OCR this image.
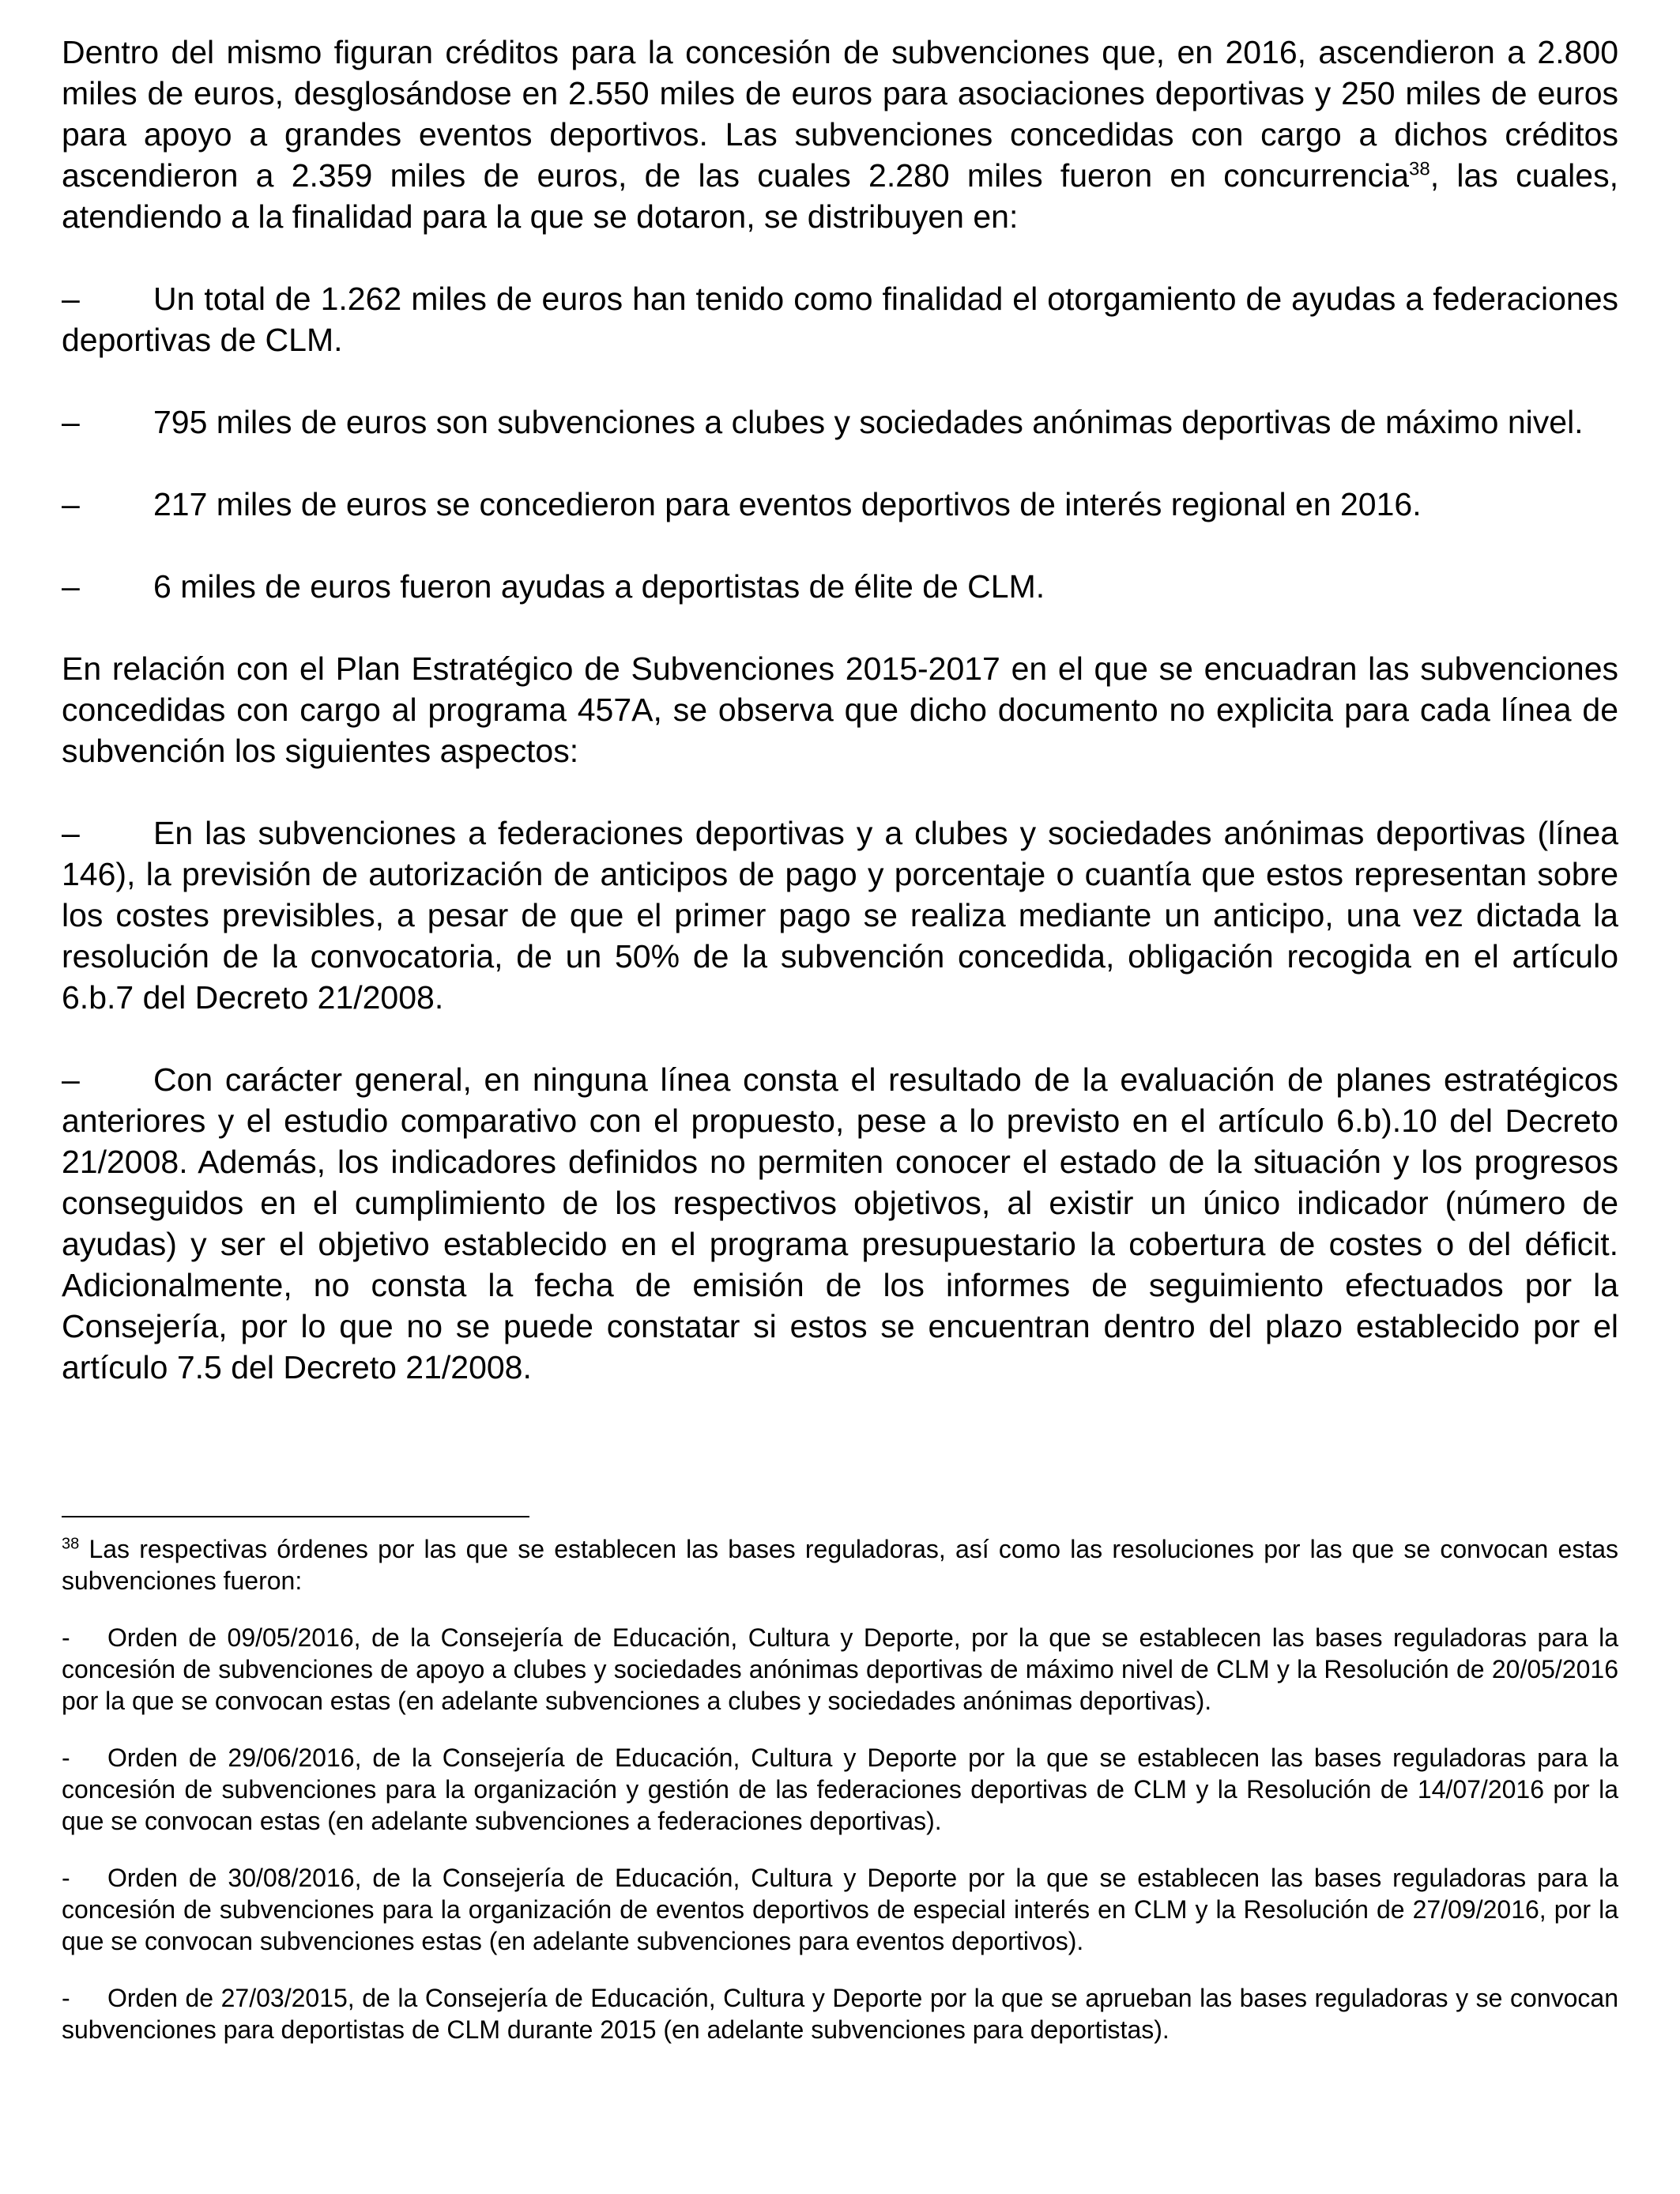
Dentro del mismo figuran créditos para la concesión de subvenciones que, en 2016, ascendieron a 2.800 miles de euros, desglosándose en 2.550 miles de euros para asociaciones deportivas y 250 miles de euros para apoyo a grandes eventos deportivos. Las subvenciones concedidas con cargo a dichos créditos ascendieron a 2.359 miles de euros, de las cuales 2.280 miles fueron en concurrencia$^{38}$, las cuales, atendiendo a la finalidad para la que se dotaron, se distribuyen en:

– Un total de 1.262 miles de euros han tenido como finalidad el otorgamiento de ayudas a federaciones deportivas de CLM.

– 795 miles de euros son subvenciones a clubes y sociedades anónimas deportivas de máximo nivel.

– 217 miles de euros se concedieron para eventos deportivos de interés regional en 2016.

– 6 miles de euros fueron ayudas a deportistas de élite de CLM.

En relación con el Plan Estratégico de Subvenciones 2015-2017 en el que se encuadran las subvenciones concedidas con cargo al programa 457A, se observa que dicho documento no explicita para cada línea de subvención los siguientes aspectos:

– En las subvenciones a federaciones deportivas y a clubes y sociedades anónimas deportivas (línea 146), la previsión de autorización de anticipos de pago y porcentaje o cuantía que estos representan sobre los costes previsibles, a pesar de que el primer pago se realiza mediante un anticipo, una vez dictada la resolución de la convocatoria, de un 50% de la subvención concedida, obligación recogida en el artículo 6.b.7 del Decreto 21/2008.

– Con carácter general, en ninguna línea consta el resultado de la evaluación de planes estratégicos anteriores y el estudio comparativo con el propuesto, pese a lo previsto en el artículo 6.b).10 del Decreto 21/2008. Además, los indicadores definidos no permiten conocer el estado de la situación y los progresos conseguidos en el cumplimiento de los respectivos objetivos, al existir un único indicador (número de ayudas) y ser el objetivo establecido en el programa presupuestario la cobertura de costes o del déficit. Adicionalmente, no consta la fecha de emisión de los informes de seguimiento efectuados por la Consejería, por lo que no se puede constatar si estos se encuentran dentro del plazo establecido por el artículo 7.5 del Decreto 21/2008.

$^{38}$ Las respectivas órdenes por las que se establecen las bases reguladoras, así como las resoluciones por las que se convocan estas subvenciones fueron:

- Orden de 09/05/2016, de la Consejería de Educación, Cultura y Deporte, por la que se establecen las bases reguladoras para la concesión de subvenciones de apoyo a clubes y sociedades anónimas deportivas de máximo nivel de CLM y la Resolución de 20/05/2016 por la que se convocan estas (en adelante subvenciones a clubes y sociedades anónimas deportivas).

- Orden de 29/06/2016, de la Consejería de Educación, Cultura y Deporte por la que se establecen las bases reguladoras para la concesión de subvenciones para la organización y gestión de las federaciones deportivas de CLM y la Resolución de 14/07/2016 por la que se convocan estas (en adelante subvenciones a federaciones deportivas).

- Orden de 30/08/2016, de la Consejería de Educación, Cultura y Deporte por la que se establecen las bases reguladoras para la concesión de subvenciones para la organización de eventos deportivos de especial interés en CLM y la Resolución de 27/09/2016, por la que se convocan subvenciones estas (en adelante subvenciones para eventos deportivos).

- Orden de 27/03/2015, de la Consejería de Educación, Cultura y Deporte por la que se aprueban las bases reguladoras y se convocan subvenciones para deportistas de CLM durante 2015 (en adelante subvenciones para deportistas).
